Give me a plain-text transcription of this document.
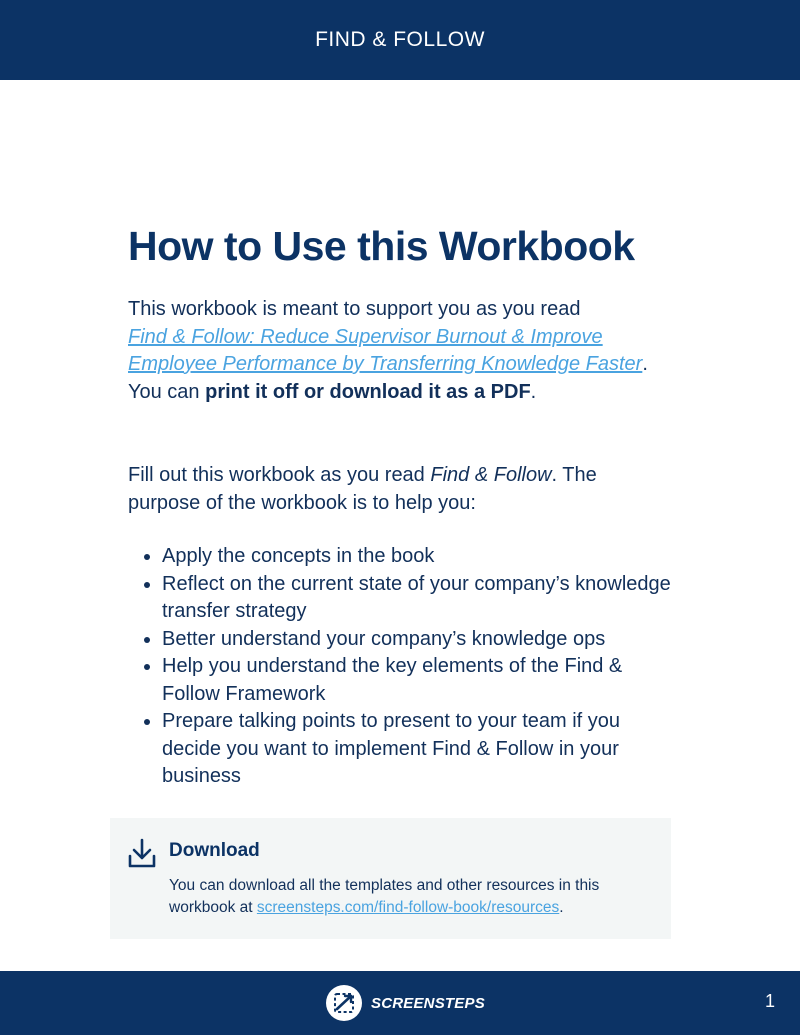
FIND & FOLLOW
How to Use this Workbook

This workbook is meant to support you as you read
Find & Follow: Reduce Supervisor Burnout & Improve Employee Performance by Transferring Knowledge Faster. You can print it off or download it as a PDF.

Fill out this workbook as you read Find & Follow. The purpose of the workbook is to help you:

• Apply the concepts in the book
• Reflect on the current state of your company’s knowledge transfer strategy
• Better understand your company’s knowledge ops
• Help you understand the key elements of the Find & Follow Framework
• Prepare talking points to present to your team if you decide you want to implement Find & Follow in your business
Download
You can download all the templates and other resources in this workbook at screensteps.com/find-follow-book/resources.
SCREENSTEPS	1
